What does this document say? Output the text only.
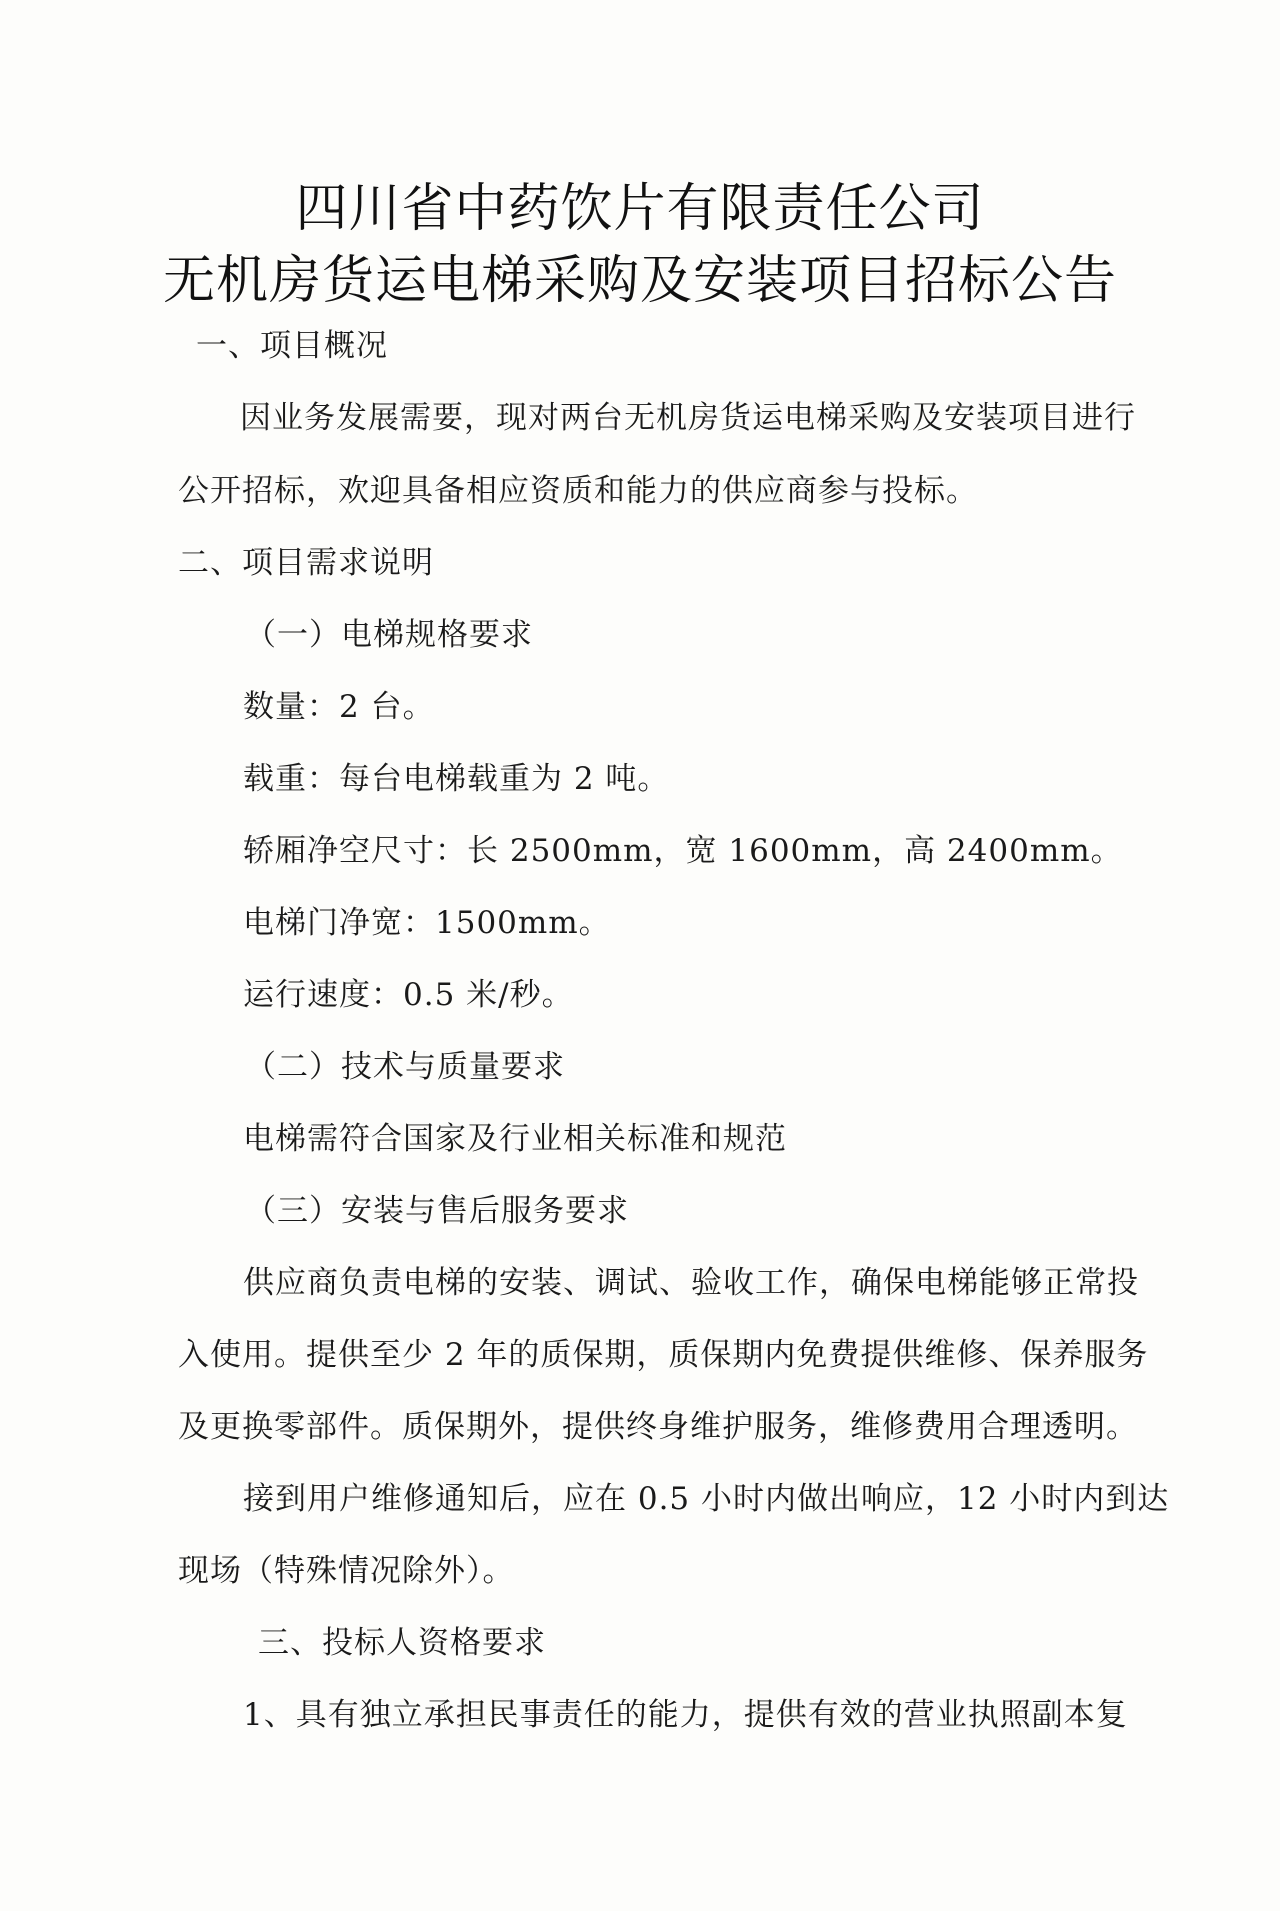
四川省中药饮片有限责任公司
无机房货运电梯采购及安装项目招标公告
一、项目概况
因业务发展需要，现对两台无机房货运电梯采购及安装项目进行
公开招标，欢迎具备相应资质和能力的供应商参与投标。
二、项目需求说明
（一）电梯规格要求
数量：2 台。
载重：每台电梯载重为 2 吨。
轿厢净空尺寸：长 2500mm，宽 1600mm，高 2400mm。
电梯门净宽：1500mm。
运行速度：0.5 米/秒。
（二）技术与质量要求
电梯需符合国家及行业相关标准和规范
（三）安装与售后服务要求
供应商负责电梯的安装、调试、验收工作，确保电梯能够正常投
入使用。提供至少 2 年的质保期，质保期内免费提供维修、保养服务
及更换零部件。质保期外，提供终身维护服务，维修费用合理透明。
接到用户维修通知后，应在 0.5 小时内做出响应，12 小时内到达
现场（特殊情况除外）。
三、投标人资格要求
1、具有独立承担民事责任的能力，提供有效的营业执照副本复
